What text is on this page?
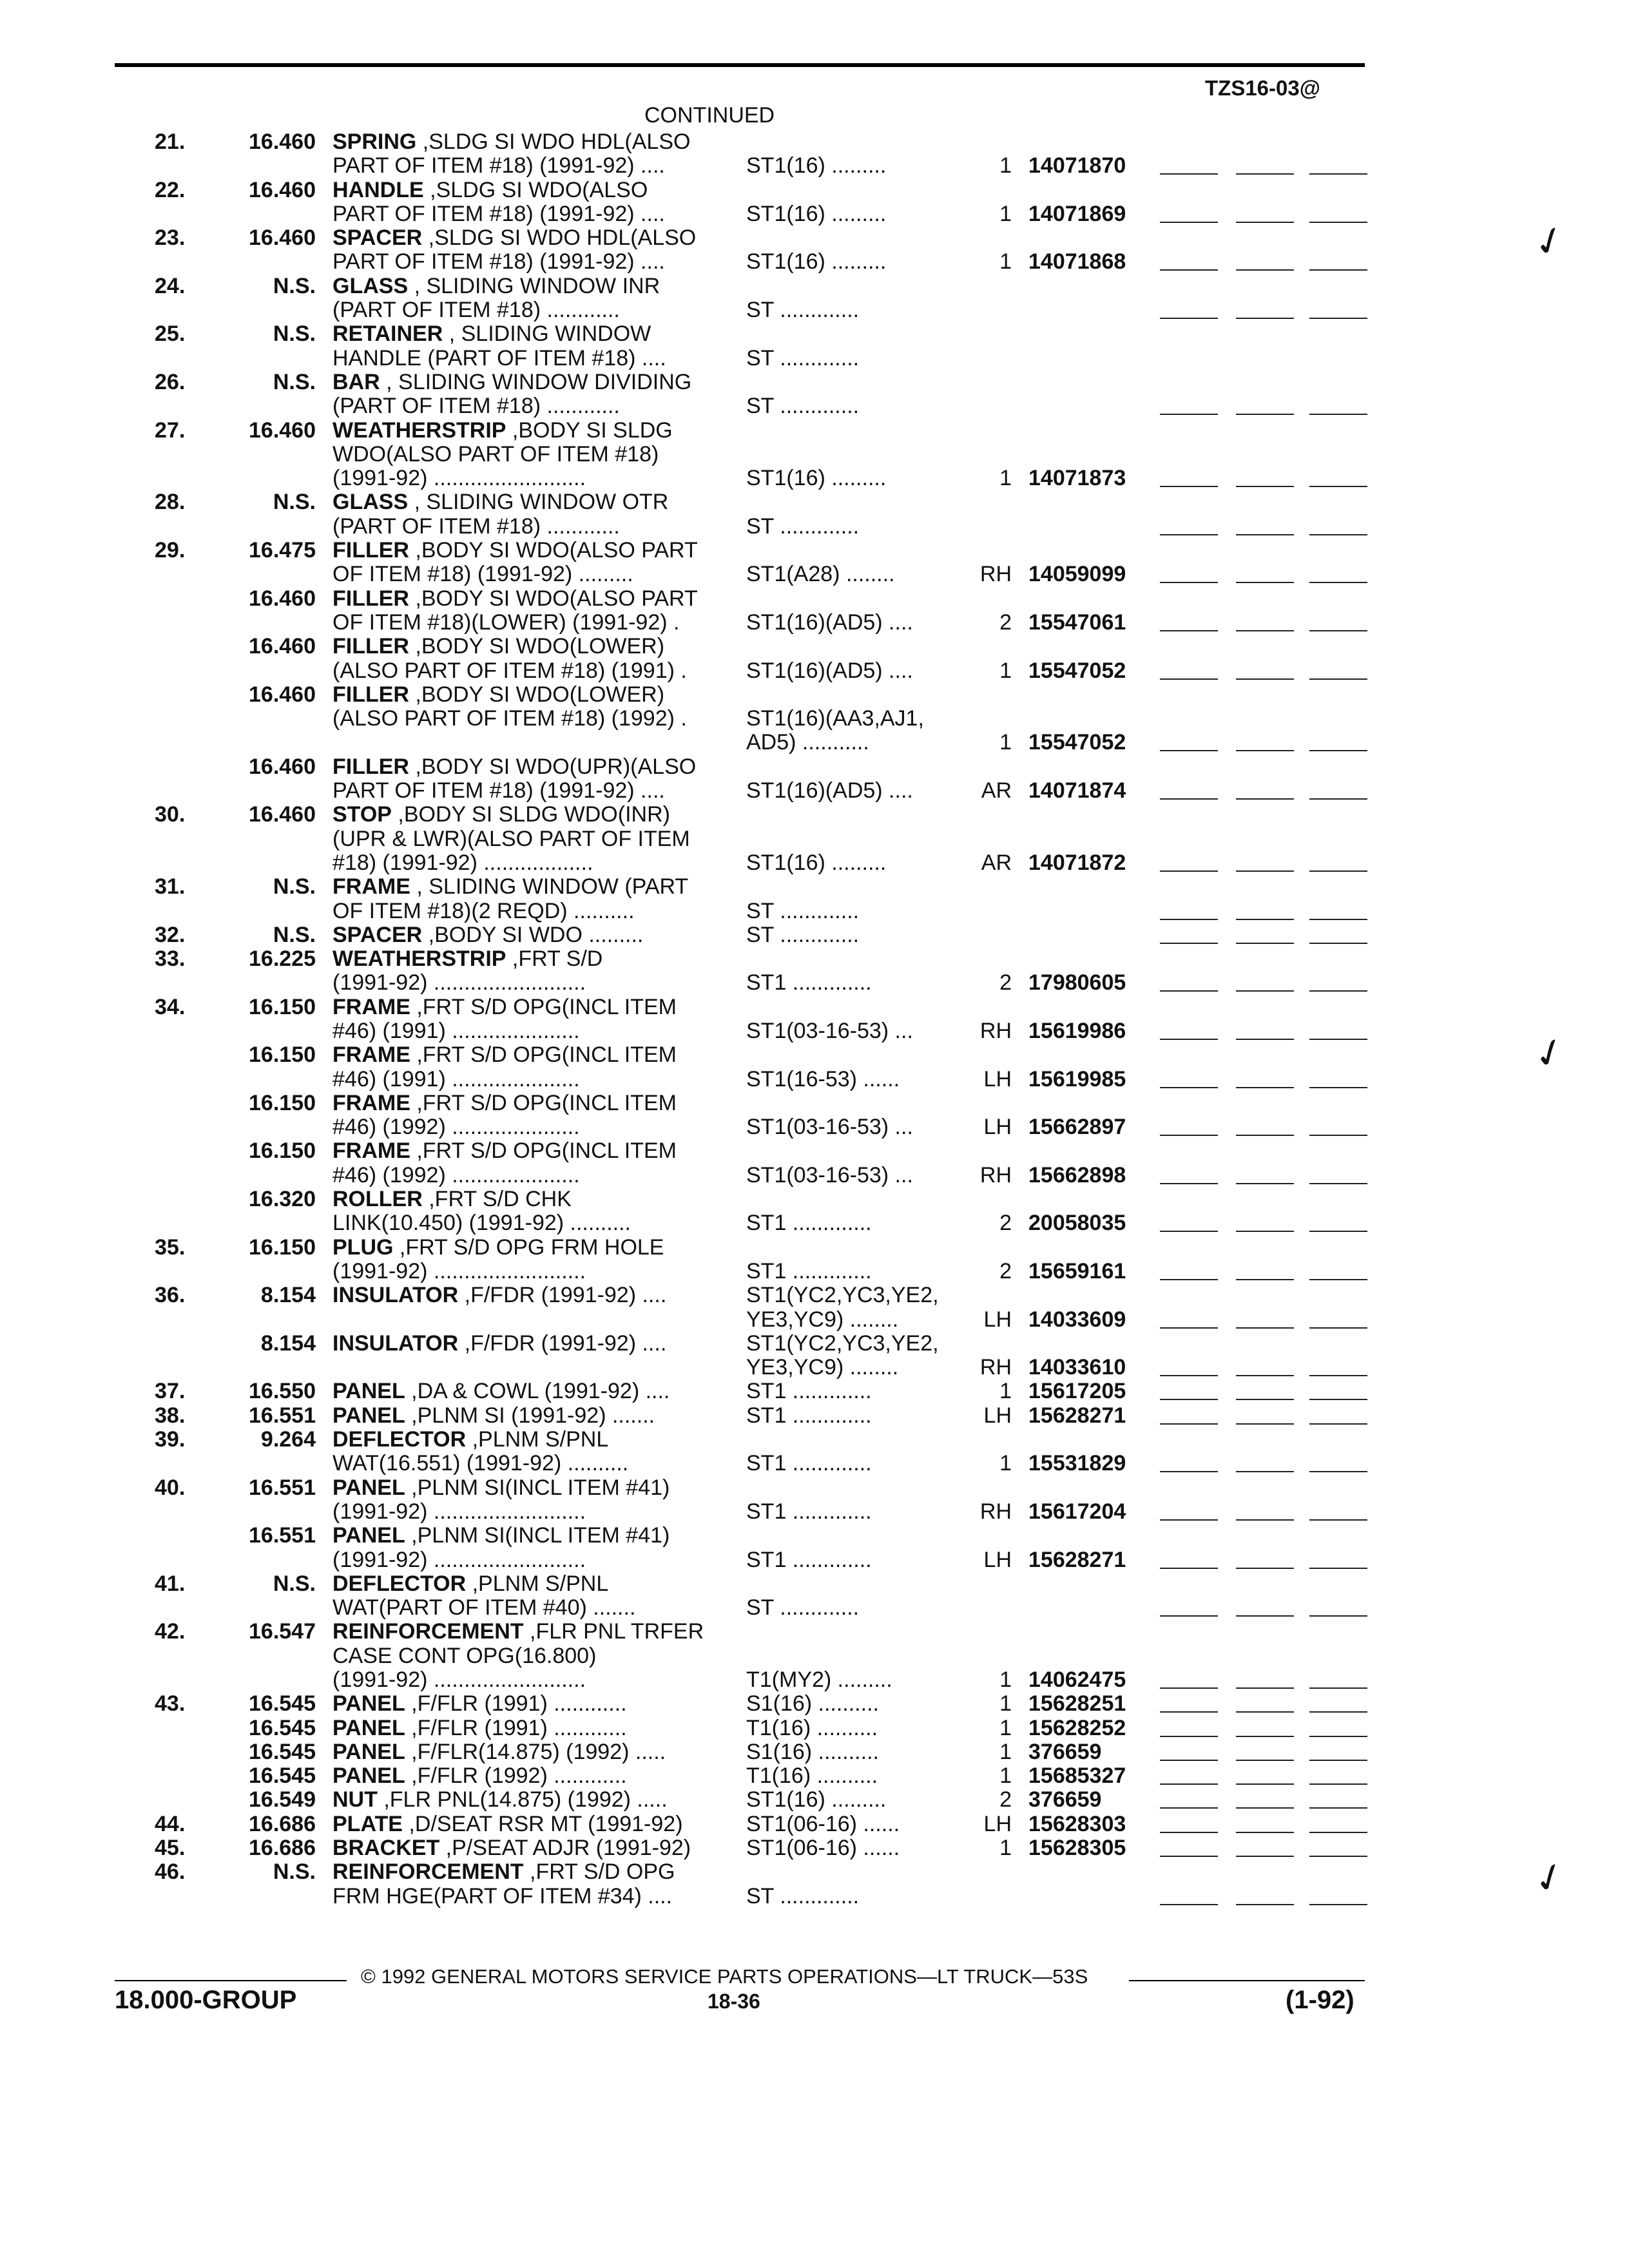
TZS16-03@
CONTINUED
21.	16.460 SPRING ,SLDG SI WDO HDL(ALSO
PART OF ITEM #18) (1991-92) ....	ST1(16) .........	1 14071870
22.	16.460 HANDLE ,SLDG SI WDO(ALSO
PART OF ITEM #18) (1991-92) ....	ST1(16) .........	1 14071869
23.	16.460 SPACER ,SLDG SI WDO HDL(ALSO
PART OF ITEM #18) (1991-92) ....	ST1(16) .........	1 14071868
24.	N.S. GLASS , SLIDING WINDOW INR
(PART OF ITEM #18) ............	ST .............
25.	N.S. RETAINER , SLIDING WINDOW
HANDLE (PART OF ITEM #18) ....	ST .............
26.	N.S. BAR , SLIDING WINDOW DIVIDING
(PART OF ITEM #18) ............	ST .............
27.	16.460 WEATHERSTRIP ,BODY SI SLDG
WDO(ALSO PART OF ITEM #18)
(1991-92) .........................	ST1(16) .........	1 14071873
28.	N.S. GLASS , SLIDING WINDOW OTR
(PART OF ITEM #18) ............	ST .............
29.	16.475 FILLER ,BODY SI WDO(ALSO PART
OF ITEM #18) (1991-92) .........	ST1(A28) ........	RH 14059099
16.460 FILLER ,BODY SI WDO(ALSO PART
OF ITEM #18)(LOWER) (1991-92) .	ST1(16)(AD5) ....	2 15547061
16.460 FILLER ,BODY SI WDO(LOWER)
(ALSO PART OF ITEM #18) (1991) .	ST1(16)(AD5) ....	1 15547052
16.460 FILLER ,BODY SI WDO(LOWER)
(ALSO PART OF ITEM #18) (1992) .	ST1(16)(AA3,AJ1,
AD5) ...........	1 15547052
16.460 FILLER ,BODY SI WDO(UPR)(ALSO
PART OF ITEM #18) (1991-92) ....	ST1(16)(AD5) ....	AR 14071874
30.	16.460 STOP ,BODY SI SLDG WDO(INR)
(UPR & LWR)(ALSO PART OF ITEM
#18) (1991-92) ..................	ST1(16) .........	AR 14071872
31.	N.S. FRAME , SLIDING WINDOW (PART
OF ITEM #18)(2 REQD) ..........	ST .............
32.	N.S. SPACER ,BODY SI WDO .........	ST .............
33.	16.225 WEATHERSTRIP ,FRT S/D
(1991-92) .........................	ST1 .............	2 17980605
34.	16.150 FRAME ,FRT S/D OPG(INCL ITEM
#46) (1991) .....................	ST1(03-16-53) ...	RH 15619986
16.150 FRAME ,FRT S/D OPG(INCL ITEM
#46) (1991) .....................	ST1(16-53) ......	LH 15619985
16.150 FRAME ,FRT S/D OPG(INCL ITEM
#46) (1992) .....................	ST1(03-16-53) ...	LH 15662897
16.150 FRAME ,FRT S/D OPG(INCL ITEM
#46) (1992) .....................	ST1(03-16-53) ...	RH 15662898
16.320 ROLLER ,FRT S/D CHK
LINK(10.450) (1991-92) ..........	ST1 .............	2 20058035
35.	16.150 PLUG ,FRT S/D OPG FRM HOLE
(1991-92) .........................	ST1 .............	2 15659161
36.	8.154 INSULATOR ,F/FDR (1991-92) ....	ST1(YC2,YC3,YE2,
YE3,YC9) ........	LH 14033609
8.154 INSULATOR ,F/FDR (1991-92) ....	ST1(YC2,YC3,YE2,
YE3,YC9) ........	RH 14033610
37.	16.550 PANEL ,DA & COWL (1991-92) ....	ST1 .............	1 15617205
38.	16.551 PANEL ,PLNM SI (1991-92) .......	ST1 .............	LH 15628271
39.	9.264 DEFLECTOR ,PLNM S/PNL
WAT(16.551) (1991-92) ..........	ST1 .............	1 15531829
40.	16.551 PANEL ,PLNM SI(INCL ITEM #41)
(1991-92) .........................	ST1 .............	RH 15617204
16.551 PANEL ,PLNM SI(INCL ITEM #41)
(1991-92) .........................	ST1 .............	LH 15628271
41.	N.S. DEFLECTOR ,PLNM S/PNL
WAT(PART OF ITEM #40) .......	ST .............
42.	16.547 REINFORCEMENT ,FLR PNL TRFER
CASE CONT OPG(16.800)
(1991-92) .........................	T1(MY2) .........	1 14062475
43.	16.545 PANEL ,F/FLR (1991) ............	S1(16) ..........	1 15628251
16.545 PANEL ,F/FLR (1991) ............	T1(16) ..........	1 15628252
16.545 PANEL ,F/FLR(14.875) (1992) .....	S1(16) ..........	1 376659
16.545 PANEL ,F/FLR (1992) ............	T1(16) ..........	1 15685327
16.549 NUT ,FLR PNL(14.875) (1992) .....	ST1(16) .........	2 376659
44.	16.686 PLATE ,D/SEAT RSR MT (1991-92)	ST1(06-16) ......	LH 15628303
45.	16.686 BRACKET ,P/SEAT ADJR (1991-92)	ST1(06-16) ......	1 15628305
46.	N.S. REINFORCEMENT ,FRT S/D OPG
FRM HGE(PART OF ITEM #34) ....	ST .............
✓
✓
✓
© 1992 GENERAL MOTORS SERVICE PARTS OPERATIONS—LT TRUCK—53S
18.000-GROUP	18-36	(1-92)
